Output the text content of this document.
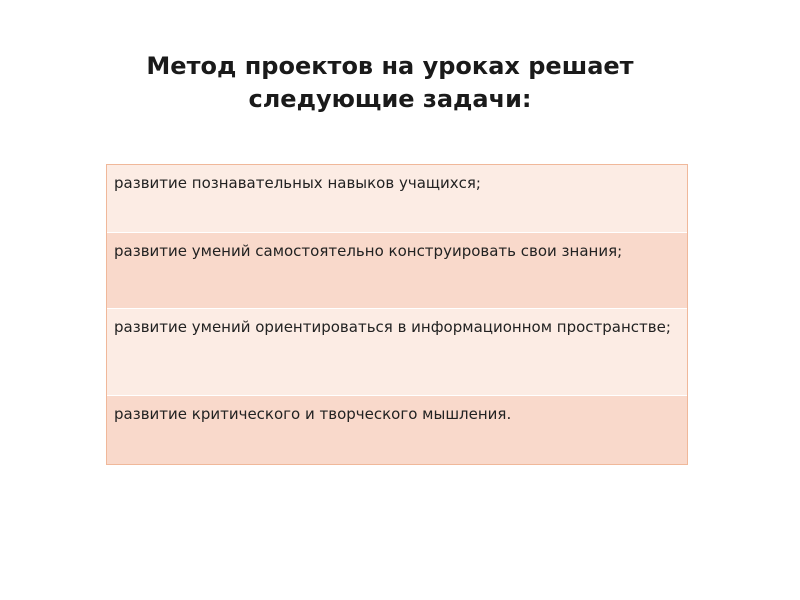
Метод проектов на уроках решает
следующие задачи:
развитие познавательных навыков учащихся;
развитие умений самостоятельно конструировать свои знания;
развитие умений ориентироваться в информационном пространстве;
развитие критического и творческого мышления.
